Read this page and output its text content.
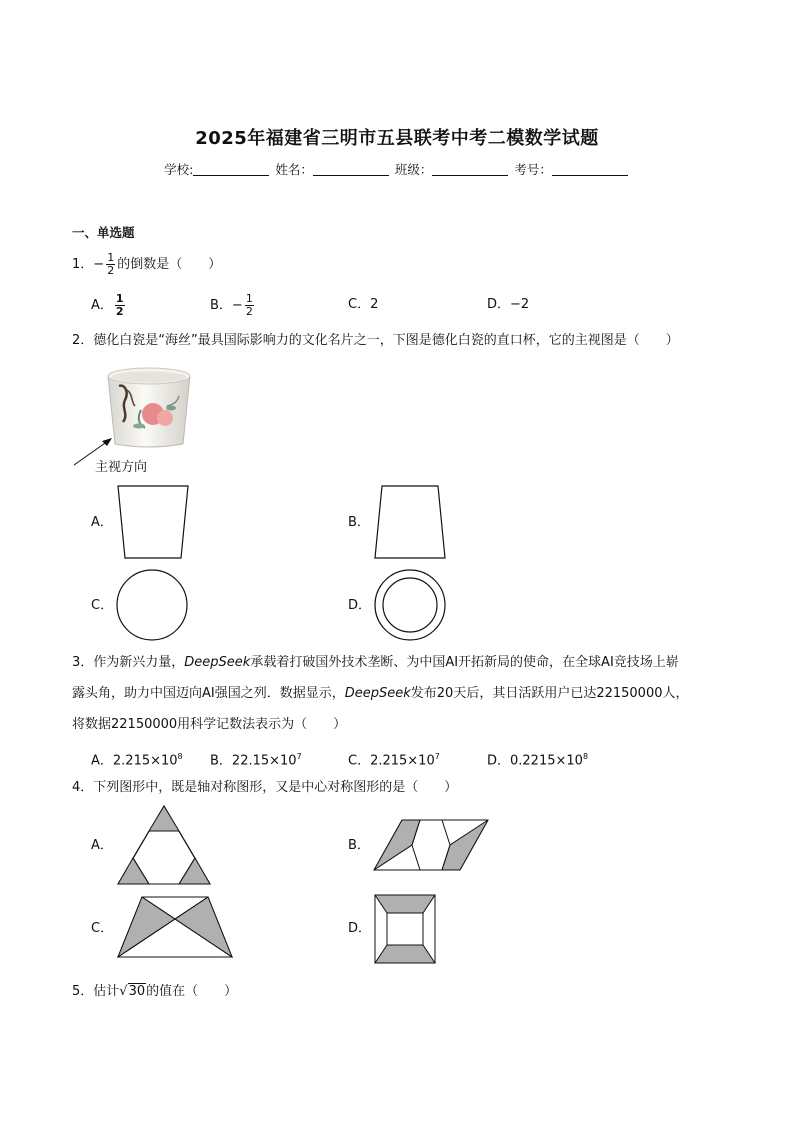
2025年福建省三明市五县联考中考二模数学试题
学校:	姓名：	班级：	考号：
一、单选题
1．− $\frac{1}{2}$ 的倒数是（　　）
A． $\frac{1}{2}$	B．− $\frac{1}{2}$	C．2	D．−2
2．德化白瓷是“海丝”最具国际影响力的文化名片之一，下图是德化白瓷的直口杯，它的主视图是（　　）
主视方向
A．	B．
C．	D．
3．作为新兴力量，DeepSeek承载着打破国外技术垄断、为中国AI开拓新局的使命，在全球AI竞技场上崭
露头角，助力中国迈向AI强国之列．数据显示，DeepSeek发布20天后，其日活跃用户已达22150000人，
将数据22150000用科学记数法表示为（　　）
A．$2.215\times 10^8$ B．$22.15\times 10^7$	C．$2.215\times 10^7$	D．$0.2215\times 10^8$
4．下列图形中，既是轴对称图形，又是中心对称图形的是（　　）
A．	B．
C．	D．
5．估计√30的值在（　　）
